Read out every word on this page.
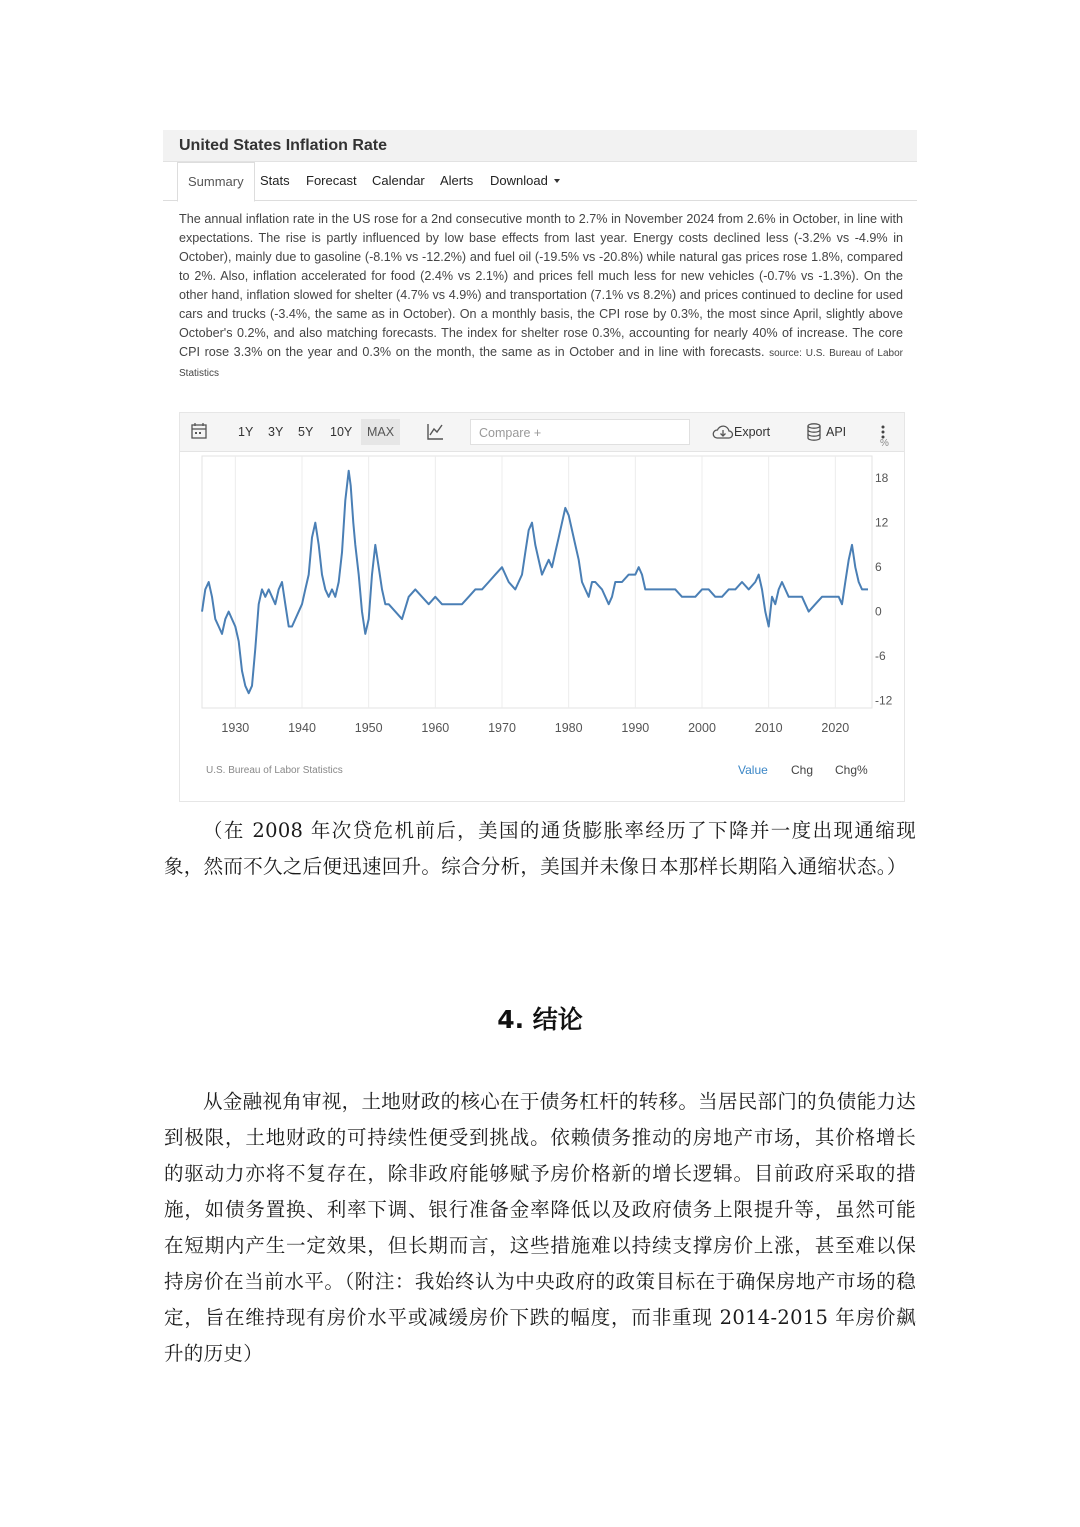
United States Inflation Rate
Summary	Stats Forecast Calendar Alerts Download

The annual inflation rate in the US rose for a 2nd consecutive month to 2.7% in November 2024 from 2.6% in October, in line with expectations. The rise is partly influenced by low base effects from last year. Energy costs declined less (-3.2% vs -4.9% in October), mainly due to gasoline (-8.1% vs -12.2%) and fuel oil (-19.5% vs -20.8%) while natural gas prices rose 1.8%, compared to 2%. Also, inflation accelerated for food (2.4% vs 2.1%) and prices fell much less for new vehicles (-0.7% vs -1.3%). On the other hand, inflation slowed for shelter (4.7% vs 4.9%) and transportation (7.1% vs 8.2%) and prices continued to decline for used cars and trucks (-3.4%, the same as in October). On a monthly basis, the CPI rose by 0.3%, the most since April, slightly above October's 0.2%, and also matching forecasts. The index for shelter rose 0.3%, accounting for nearly 40% of increase. The core CPI rose 3.3% on the year and 0.3% on the month, the same as in October and in line with forecasts. source: U.S. Bureau of Labor Statistics

1Y 3Y 5Y 10Y	MAX	Compare +	Export	API
1930	1940	1950	1960	1970	1980	1990	2000	2010	2020
18
12
6
0
-6
-12
%
U.S. Bureau of Labor Statistics	Value Chg Chg%

（在 2008 年次贷危机前后，美国的通货膨胀率经历了下降并一度出现通缩现象，然而不久之后便迅速回升。综合分析，美国并未像日本那样长期陷入通缩状态。）

4. 结论

从金融视角审视，土地财政的核心在于债务杠杆的转移。当居民部门的负债能力达到极限，土地财政的可持续性便受到挑战。依赖债务推动的房地产市场，其价格增长的驱动力亦将不复存在，除非政府能够赋予房价格新的增长逻辑。目前政府采取的措施，如债务置换、利率下调、银行准备金率降低以及政府债务上限提升等，虽然可能在短期内产生一定效果，但长期而言，这些措施难以持续支撑房价上涨，甚至难以保持房价在当前水平。（附注：我始终认为中央政府的政策目标在于确保房地产市场的稳定，旨在维持现有房价水平或减缓房价下跌的幅度，而非重现 2014-2015 年房价飙升的历史）
